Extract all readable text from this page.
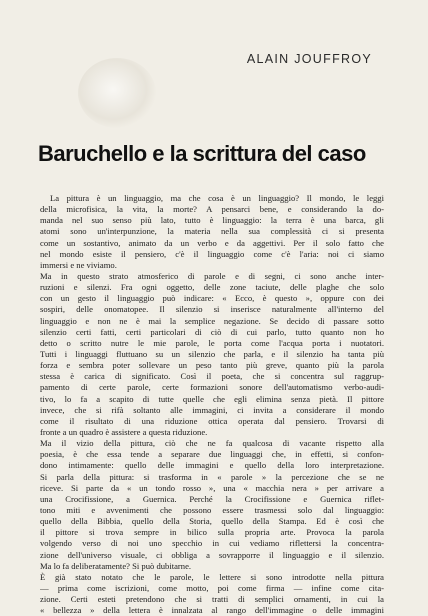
ALAIN JOUFFROY
Baruchello e la scrittura del caso
La pittura è un linguaggio, ma che cosa è un linguaggio? Il mondo, le leggi
della microfisica, la vita, la morte? A pensarci bene, e considerando la do-
manda nel suo senso più lato, tutto è linguaggio: la terra è una barca, gli
atomi sono un'interpunzione, la materia nella sua complessità ci si presenta
come un sostantivo, animato da un verbo e da aggettivi. Per il solo fatto che
nel mondo esiste il pensiero, c'è il linguaggio come c'è l'aria: noi ci siamo
immersi e ne viviamo.
Ma in questo strato atmosferico di parole e di segni, ci sono anche inter-
ruzioni e silenzi. Fra ogni oggetto, delle zone taciute, delle plaghe che solo
con un gesto il linguaggio può indicare: « Ecco, è questo », oppure con dei
sospiri, delle onomatopee. Il silenzio si inserisce naturalmente all'interno del
linguaggio e non ne è mai la semplice negazione. Se decido di passare sotto
silenzio certi fatti, certi particolari di ciò di cui parlo, tutto quanto non ho
detto o scritto nutre le mie parole, le porta come l'acqua porta i nuotatori.
Tutti i linguaggi fluttuano su un silenzio che parla, e il silenzio ha tanta più
forza e sembra poter sollevare un peso tanto più greve, quanto più la parola
stessa è carica di significato. Così il poeta, che si concentra sul raggrup-
pamento di certe parole, certe formazioni sonore dell'automatismo verbo-audi-
tivo, lo fa a scapito di tutte quelle che egli elimina senza pietà. Il pittore
invece, che si rifà soltanto alle immagini, ci invita a considerare il mondo
come il risultato di una riduzione ottica operata dal pensiero. Trovarsi di
fronte a un quadro è assistere a questa riduzione.
Ma il vizio della pittura, ciò che ne fa qualcosa di vacante rispetto alla
poesia, è che essa tende a separare due linguaggi che, in effetti, si confon-
dono intimamente: quello delle immagini e quello della loro interpretazione.
Si parla della pittura: si trasforma in « parole » la percezione che se ne
riceve. Si parte da « un tondo rosso », una « macchia nera » per arrivare a
una Crocifissione, a Guernica. Perché la Crocifissione e Guernica riflet-
tono miti e avvenimenti che possono essere trasmessi solo dal linguaggio:
quello della Bibbia, quello della Storia, quello della Stampa. Ed è così che
il pittore si trova sempre in bilico sulla propria arte. Provoca la parola
volgendo verso di noi uno specchio in cui vediamo riflettersi la concentra-
zione dell'universo visuale, ci obbliga a sovrapporre il linguaggio e il silenzio.
Ma lo fa deliberatamente? Si può dubitarne.
È già stato notato che le parole, le lettere si sono introdotte nella pittura
— prima come iscrizioni, come motto, poi come firma — infine come cita-
zione. Certi esteti pretendono che si tratti di semplici ornamenti, in cui la
« bellezza » della lettera è innalzata al rango dell'immagine o delle immagini
